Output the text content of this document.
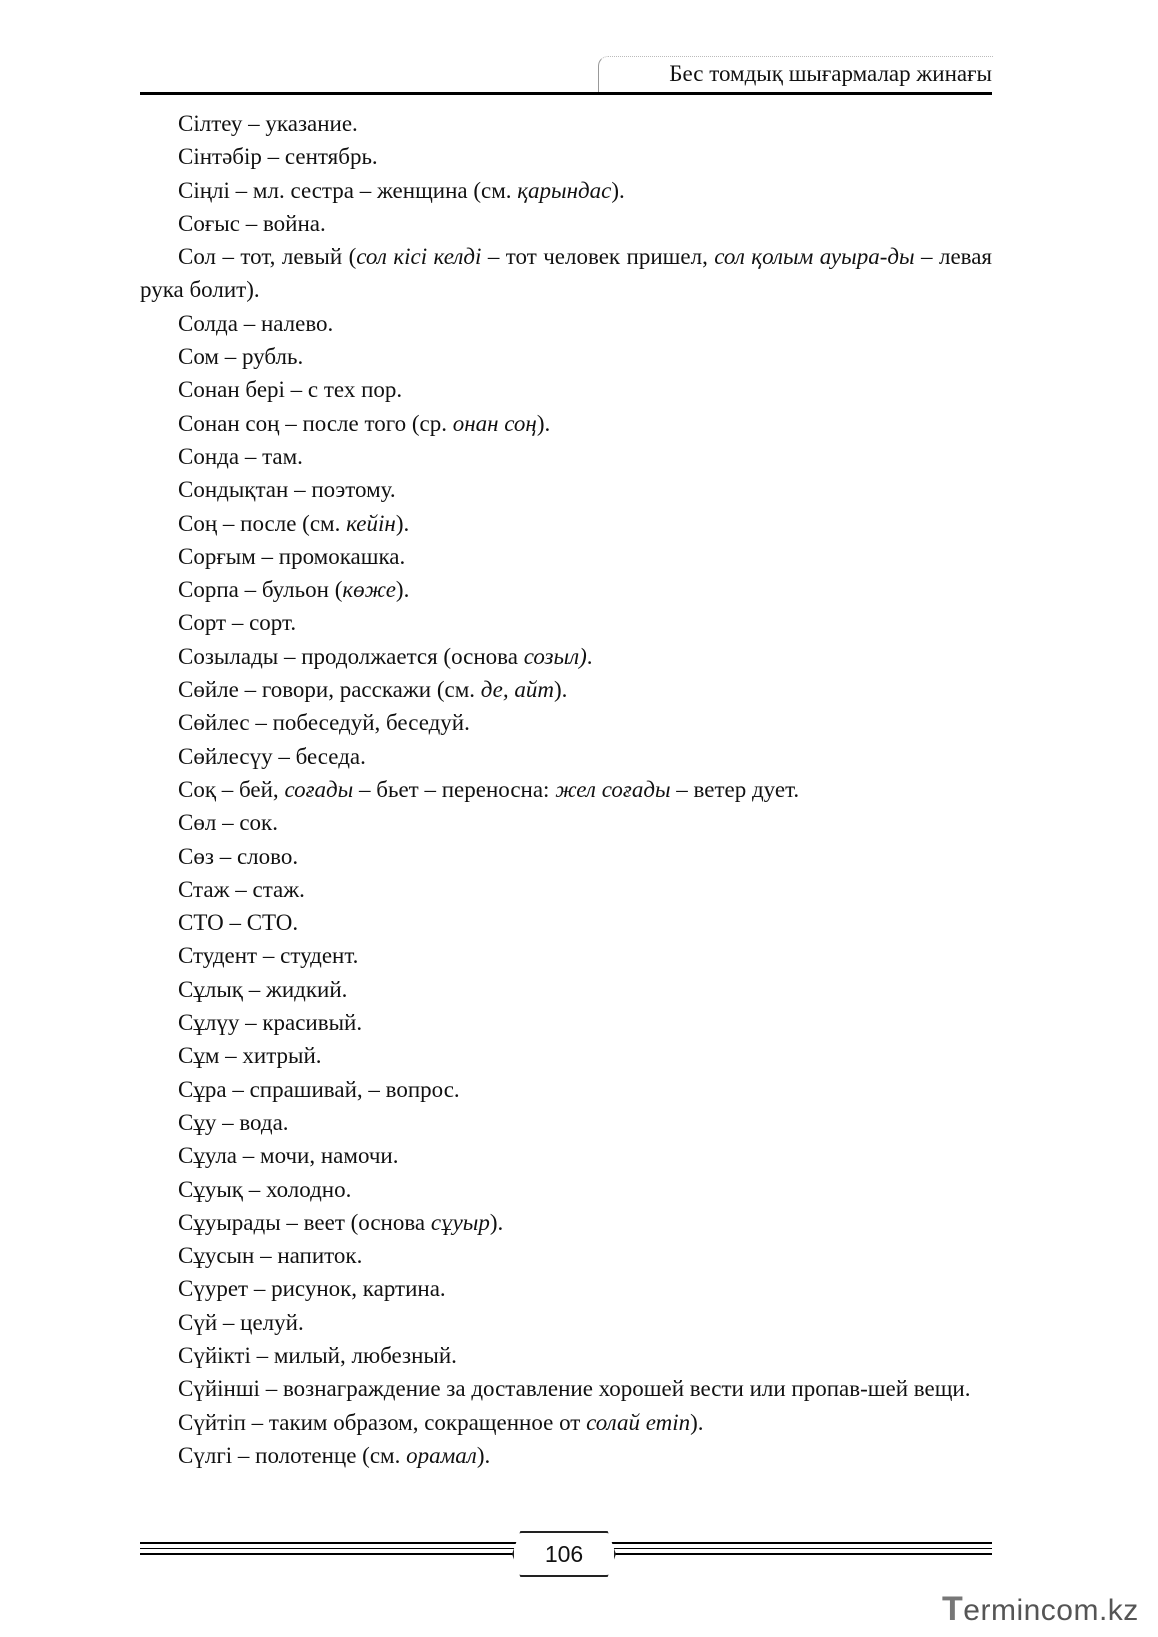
Бес томдық шығармалар жинағы

Сілтеу – указание.

Сінтәбір – сентябрь.

Сіңлі – мл. сестра – женщина (см. қарындас).

Соғыс – война.

Сол – тот, левый (сол кісі келді – тот человек пришел, сол қолым ауыра-ды – левая рука болит).

Солда – налево.

Сом – рубль.

Сонан бері – с тех пор.

Сонан соң – после того (ср. онан соң).

Сонда – там.

Сондықтан – поэтому.

Соң – после (см. кейін).

Сорғым – промокашка.

Сорпа – бульон (көже).

Сорт – сорт.

Созылады – продолжается (основа созыл).

Сөйле – говори, расскажи (см. де, айт).

Сөйлес – побеседуй, беседуй.

Сөйлесүу – беседа.

Соқ – бей, соғады – бьет – переносна: жел соғады – ветер дует.

Сөл – сок.

Сөз – слово.

Стаж – стаж.

СТО – СТО.

Студент – студент.

Сұлық – жидкий.

Сұлүу – красивый.

Сұм – хитрый.

Сұра – спрашивай, – вопрос.

Сұу – вода.

Сұула – мочи, намочи.

Сұуық – холодно.

Сұуырады – веет (основа сұуыр).

Сұусын – напиток.

Сүурет – рисунок, картина.

Сүй – целуй.

Сүйікті – милый, любезный.

Сүйінші – вознаграждение за доставление хорошей вести или пропав-шей вещи.

Сүйтіп – таким образом, сокращенное от солай етіп).

Сүлгі – полотенце (см. орамал).

106
Termincom.kz
